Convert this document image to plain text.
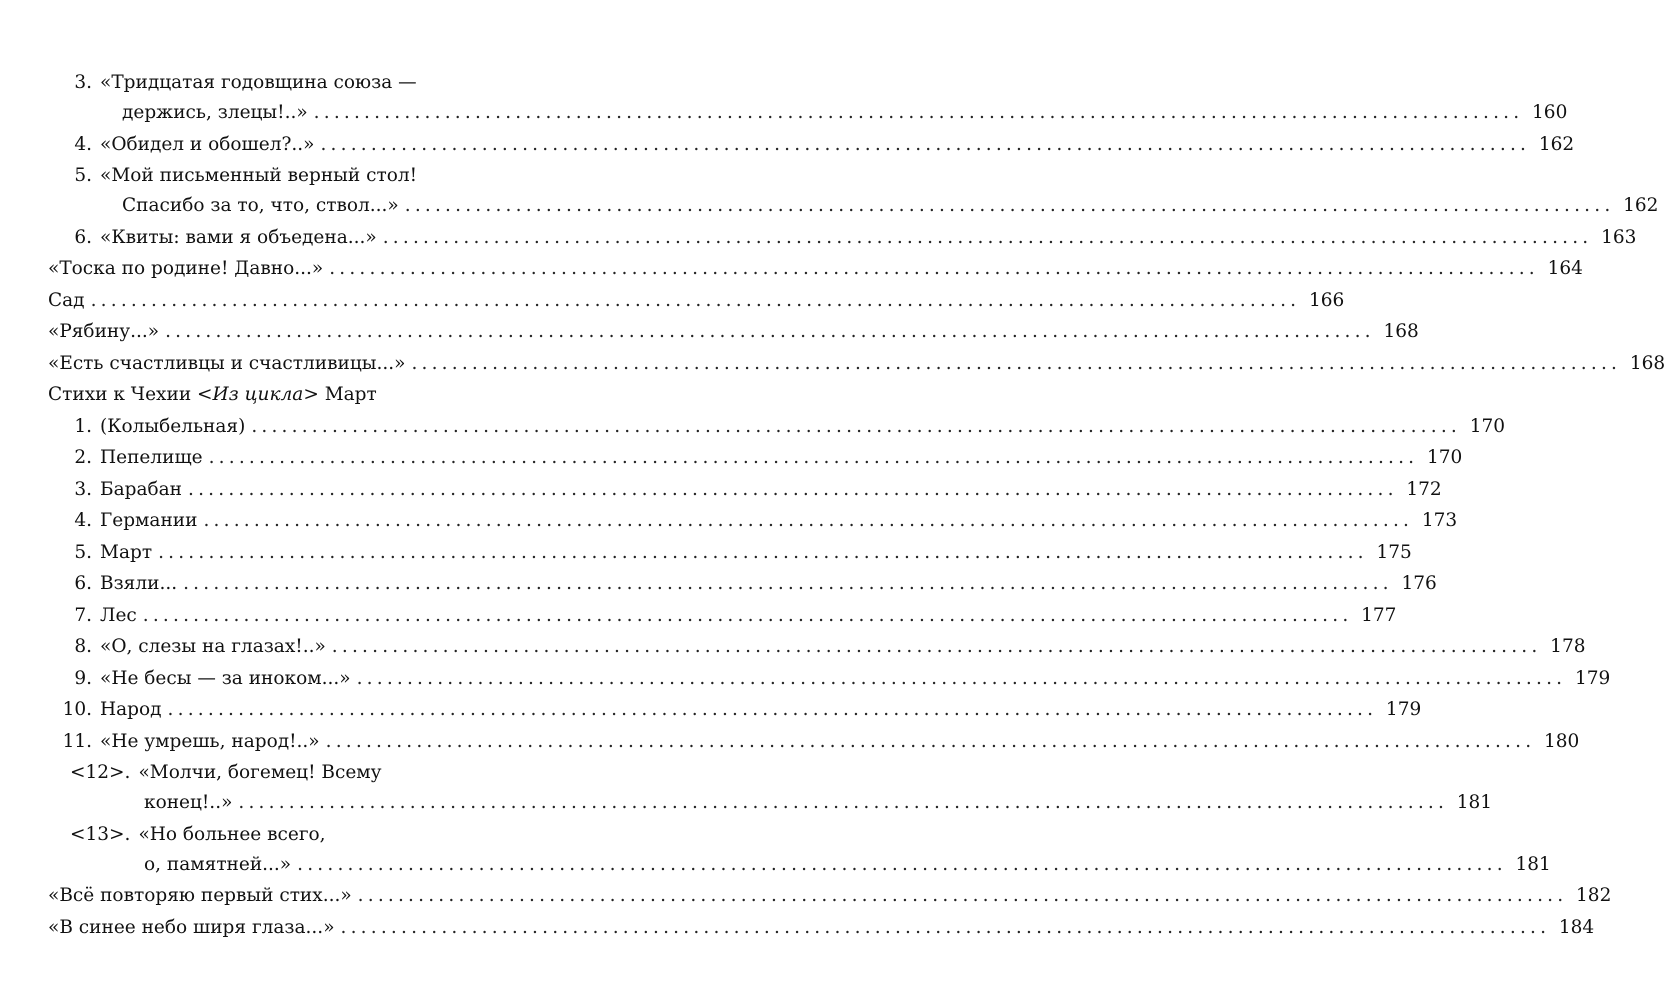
3. «Тридцатая годовщина союза —
держись, злецы!..» ........................................................................................................................ 160
4. «Обидел и обошел?..» ........................................................................................................................ 162
5. «Мой письменный верный стол!
Спасибо за то, что, ствол...» ........................................................................................................................ 162
6. «Квиты: вами я объедена...» ........................................................................................................................ 163
«Тоска по родине! Давно...» ........................................................................................................................ 164
Сад ........................................................................................................................ 166
«Рябину...» ........................................................................................................................ 168
«Есть счастливцы и счастливицы...» ........................................................................................................................ 168
Стихи к Чехии <Из цикла> Март
1. (Колыбельная) ........................................................................................................................ 170
2. Пепелище ........................................................................................................................ 170
3. Барабан ........................................................................................................................ 172
4. Германии ........................................................................................................................ 173
5. Март ........................................................................................................................ 175
6. Взяли... ........................................................................................................................ 176
7. Лес ........................................................................................................................ 177
8. «О, слезы на глазах!..» ........................................................................................................................ 178
9. «Не бесы — за иноком...» ........................................................................................................................ 179
10. Народ ........................................................................................................................ 179
11. «Не умрешь, народ!..» ........................................................................................................................ 180
<12>. «Молчи, богемец! Всему
конец!..» ........................................................................................................................ 181
<13>. «Но больнее всего,
о, памятней...» ........................................................................................................................ 181
«Всё повторяю первый стих...» ........................................................................................................................ 182
«В синее небо ширя глаза...» ........................................................................................................................ 184
